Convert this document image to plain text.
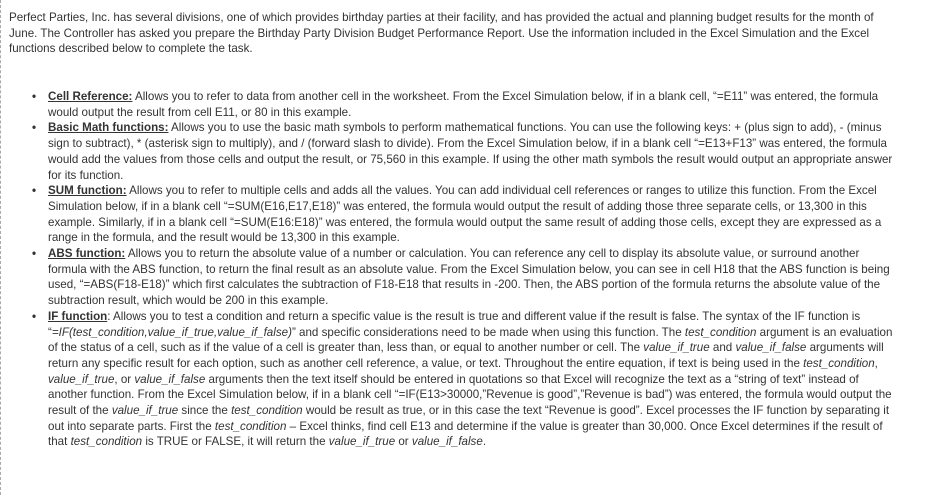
Perfect Parties, Inc. has several divisions, one of which provides birthday parties at their facility, and has provided the actual and planning budget results for the month of June. The Controller has asked you prepare the Birthday Party Division Budget Performance Report. Use the information included in the Excel Simulation and the Excel functions described below to complete the task.

• Cell Reference: Allows you to refer to data from another cell in the worksheet. From the Excel Simulation below, if in a blank cell, “=E11” was entered, the formula would output the result from cell E11, or 80 in this example.
• Basic Math functions: Allows you to use the basic math symbols to perform mathematical functions. You can use the following keys: + (plus sign to add), - (minus sign to subtract), * (asterisk sign to multiply), and / (forward slash to divide). From the Excel Simulation below, if in a blank cell “=E13+F13” was entered, the formula would add the values from those cells and output the result, or 75,560 in this example. If using the other math symbols the result would output an appropriate answer for its function.
• SUM function: Allows you to refer to multiple cells and adds all the values. You can add individual cell references or ranges to utilize this function. From the Excel Simulation below, if in a blank cell “=SUM(E16,E17,E18)” was entered, the formula would output the result of adding those three separate cells, or 13,300 in this example. Similarly, if in a blank cell “=SUM(E16:E18)” was entered, the formula would output the same result of adding those cells, except they are expressed as a range in the formula, and the result would be 13,300 in this example.
• ABS function: Allows you to return the absolute value of a number or calculation. You can reference any cell to display its absolute value, or surround another formula with the ABS function, to return the final result as an absolute value. From the Excel Simulation below, you can see in cell H18 that the ABS function is being used, “=ABS(F18-E18)” which first calculates the subtraction of F18-E18 that results in -200. Then, the ABS portion of the formula returns the absolute value of the subtraction result, which would be 200 in this example.
• IF function: Allows you to test a condition and return a specific value is the result is true and different value if the result is false. The syntax of the IF function is “=IF(test_condition,value_if_true,value_if_false)” and specific considerations need to be made when using this function. The test_condition argument is an evaluation of the status of a cell, such as if the value of a cell is greater than, less than, or equal to another number or cell. The value_if_true and value_if_false arguments will return any specific result for each option, such as another cell reference, a value, or text. Throughout the entire equation, if text is being used in the test_condition, value_if_true, or value_if_false arguments then the text itself should be entered in quotations so that Excel will recognize the text as a “string of text” instead of another function. From the Excel Simulation below, if in a blank cell “=IF(E13>30000,”Revenue is good”,”Revenue is bad”) was entered, the formula would output the result of the value_if_true since the test_condition would be result as true, or in this case the text “Revenue is good”. Excel processes the IF function by separating it out into separate parts. First the test_condition – Excel thinks, find cell E13 and determine if the value is greater than 30,000. Once Excel determines if the result of that test_condition is TRUE or FALSE, it will return the value_if_true or value_if_false.
